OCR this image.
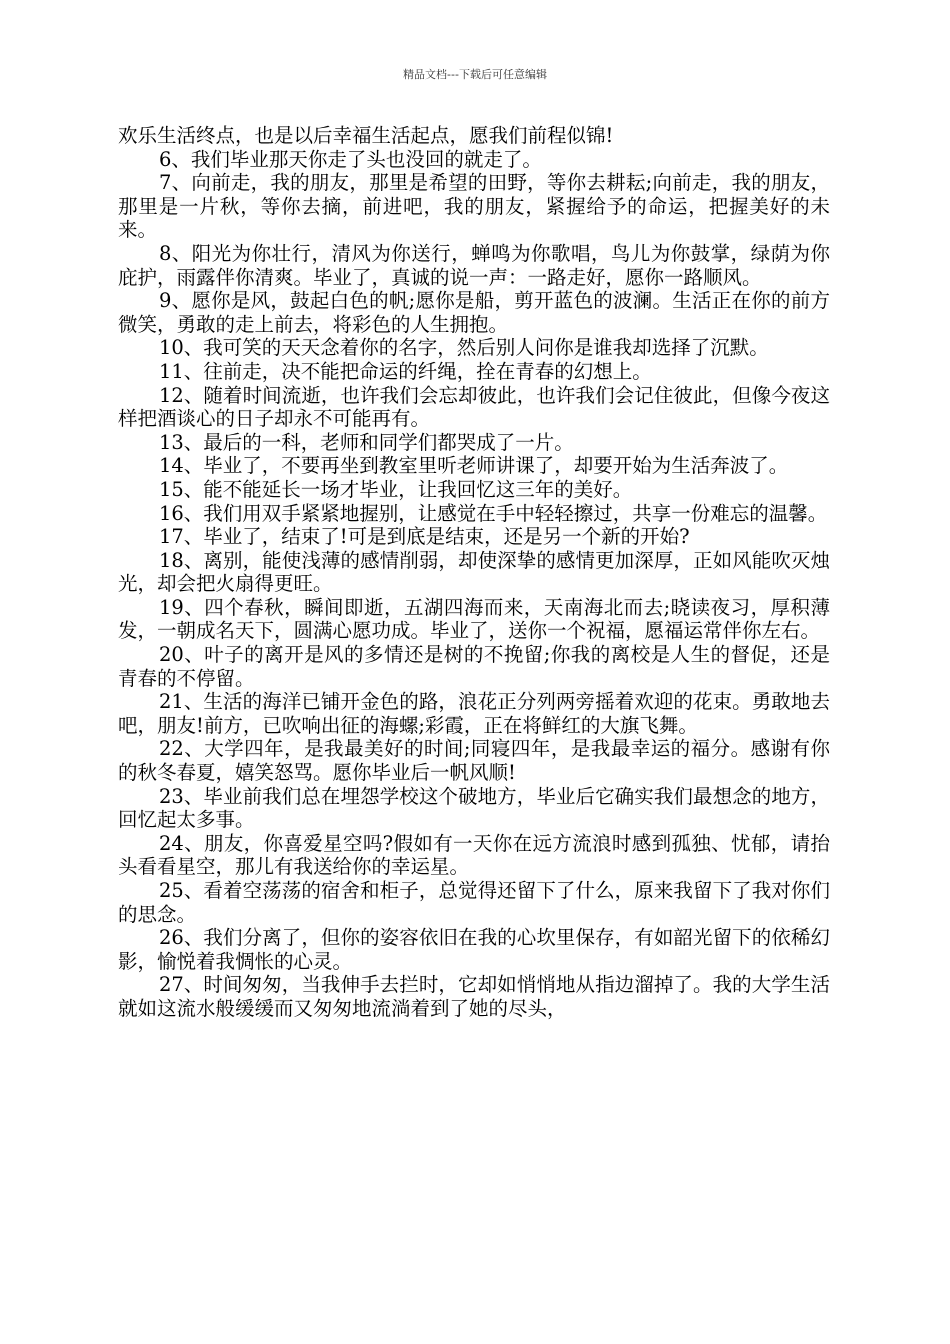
精品文档---下载后可任意编辑

欢乐生活终点，也是以后幸福生活起点，愿我们前程似锦!

6、我们毕业那天你走了头也没回的就走了。

7、向前走，我的朋友，那里是希望的田野，等你去耕耘;向前走，我的朋友，那里是一片秋，等你去摘，前进吧，我的朋友，紧握给予的命运，把握美好的未来。

8、阳光为你壮行，清风为你送行，蝉鸣为你歌唱，鸟儿为你鼓掌，绿荫为你庇护，雨露伴你清爽。毕业了，真诚的说一声：一路走好，愿你一路顺风。

9、愿你是风，鼓起白色的帆;愿你是船，剪开蓝色的波澜。生活正在你的前方微笑，勇敢的走上前去，将彩色的人生拥抱。

10、我可笑的天天念着你的名字，然后别人问你是谁我却选择了沉默。

11、往前走，决不能把命运的纤绳，拴在青春的幻想上。

12、随着时间流逝，也许我们会忘却彼此，也许我们会记住彼此，但像今夜这样把酒谈心的日子却永不可能再有。

13、最后的一科，老师和同学们都哭成了一片。

14、毕业了，不要再坐到教室里听老师讲课了，却要开始为生活奔波了。

15、能不能延长一场才毕业，让我回忆这三年的美好。

16、我们用双手紧紧地握别，让感觉在手中轻轻擦过，共享一份难忘的温馨。

17、毕业了，结束了!可是到底是结束，还是另一个新的开始?

18、离别，能使浅薄的感情削弱，却使深挚的感情更加深厚，正如风能吹灭烛光，却会把火扇得更旺。

19、四个春秋，瞬间即逝，五湖四海而来，天南海北而去;晓读夜习，厚积薄发，一朝成名天下，圆满心愿功成。毕业了，送你一个祝福，愿福运常伴你左右。

20、叶子的离开是风的多情还是树的不挽留;你我的离校是人生的督促，还是青春的不停留。

21、生活的海洋已铺开金色的路，浪花正分列两旁摇着欢迎的花束。勇敢地去吧，朋友!前方，已吹响出征的海螺;彩霞，正在将鲜红的大旗飞舞。

22、大学四年，是我最美好的时间;同寝四年，是我最幸运的福分。感谢有你的秋冬春夏，嬉笑怒骂。愿你毕业后一帆风顺!

23、毕业前我们总在埋怨学校这个破地方，毕业后它确实我们最想念的地方，回忆起太多事。

24、朋友，你喜爱星空吗?假如有一天你在远方流浪时感到孤独、忧郁，请抬头看看星空，那儿有我送给你的幸运星。

25、看着空荡荡的宿舍和柜子，总觉得还留下了什么，原来我留下了我对你们的思念。

26、我们分离了，但你的姿容依旧在我的心坎里保存，有如韶光留下的依稀幻影，愉悦着我惆怅的心灵。

27、时间匆匆，当我伸手去拦时，它却如悄悄地从指边溜掉了。我的大学生活就如这流水般缓缓而又匆匆地流淌着到了她的尽头，
